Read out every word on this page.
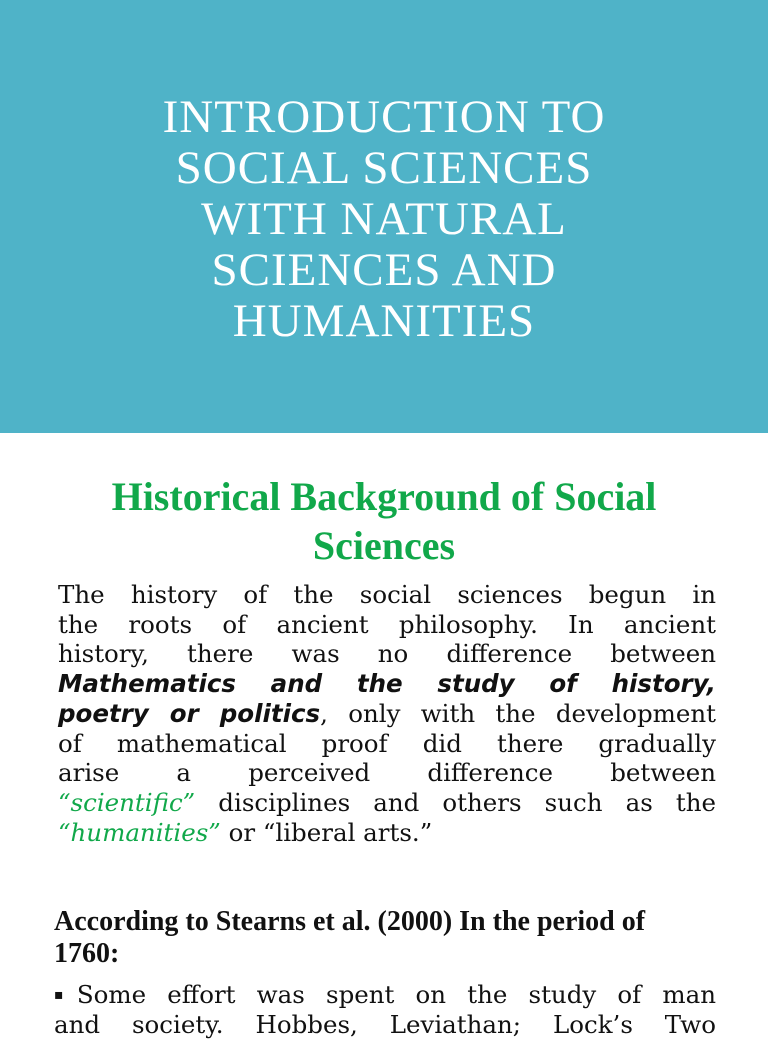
INTRODUCTION TO
SOCIAL SCIENCES
WITH NATURAL
SCIENCES AND
HUMANITIES
Historical Background of Social
Sciences
The history of the social sciences begun in
the roots of ancient philosophy. In ancient
history, there was no difference between
Mathematics and the study of history,
poetry or politics, only with the development
of mathematical proof did there gradually
arise a perceived difference between
“scientific” disciplines and others such as the
“humanities” or “liberal arts.”
According to Stearns et al. (2000) In the period of
1760:
▪Some effort was spent on the study of man
and society. Hobbes, Leviathan; Lock’s Two
